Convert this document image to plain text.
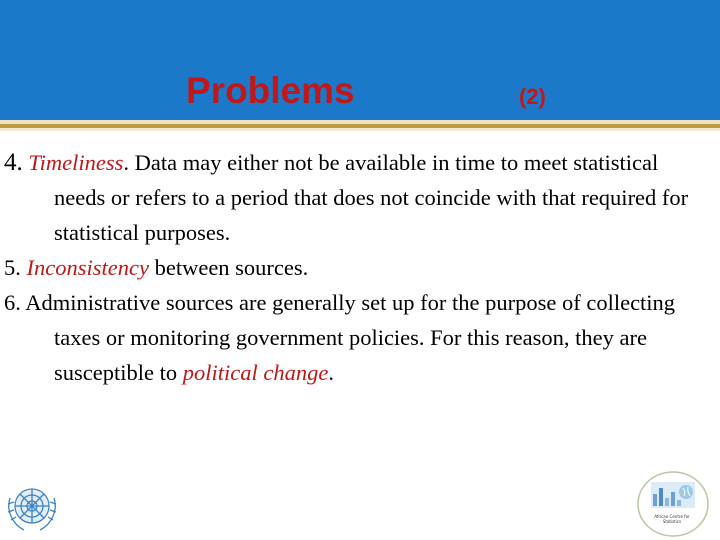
Problems	(2)

4. Timeliness. Data may either not be available in time to meet statistical needs or refers to a period that does not coincide with that required for statistical purposes.

5. Inconsistency between sources.

6. Administrative sources are generally set up for the purpose of collecting taxes or monitoring government policies. For this reason, they are susceptible to political change.

African Centre for Statistics
